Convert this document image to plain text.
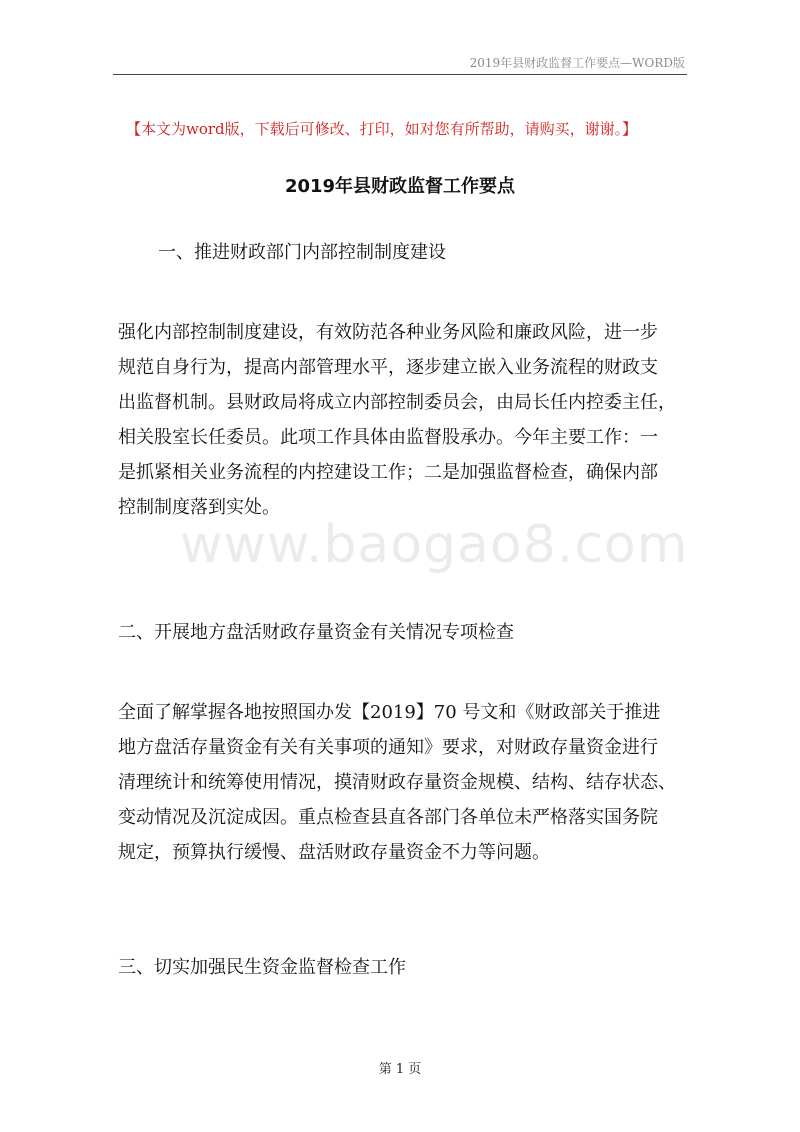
2019年县财政监督工作要点—WORD版
【本文为word版，下载后可修改、打印，如对您有所帮助，请购买，谢谢。】
2019年县财政监督工作要点
一、推进财政部门内部控制制度建设
强化内部控制制度建设，有效防范各种业务风险和廉政风险，进一步
规范自身行为，提高内部管理水平，逐步建立嵌入业务流程的财政支
出监督机制。县财政局将成立内部控制委员会，由局长任内控委主任，
相关股室长任委员。此项工作具体由监督股承办。今年主要工作：一
是抓紧相关业务流程的内控建设工作；二是加强监督检查，确保内部
控制制度落到实处。
www.baogao8.com
二、开展地方盘活财政存量资金有关情况专项检查
全面了解掌握各地按照国办发【2019】70 号文和《财政部关于推进
地方盘活存量资金有关有关事项的通知》要求，对财政存量资金进行
清理统计和统筹使用情况，摸清财政存量资金规模、结构、结存状态、
变动情况及沉淀成因。重点检查县直各部门各单位未严格落实国务院
规定，预算执行缓慢、盘活财政存量资金不力等问题。
三、切实加强民生资金监督检查工作
第 1 页
